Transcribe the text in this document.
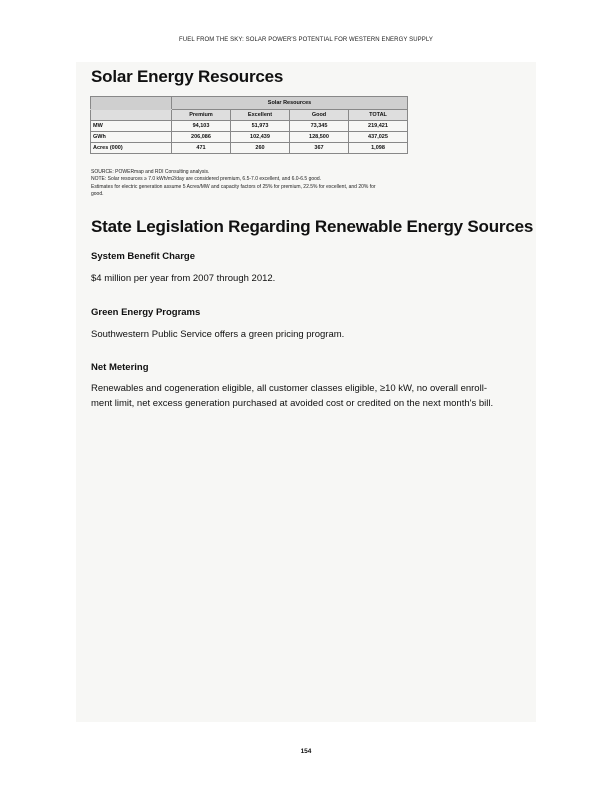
FUEL FROM THE SKY: SOLAR POWER'S POTENTIAL FOR WESTERN ENERGY SUPPLY
Solar Energy Resources
	Solar Resources			
	Premium	Excellent	Good	TOTAL
MW	94,103	51,973	73,345	219,421
GWh	206,086	102,439	128,500	437,025
Acres (000)	471	260	367	1,098
SOURCE: POWERmap and RDI Consulting analysis.
NOTE: Solar resources ≥ 7.0 kWh/m2/day are considered premium, 6.5-7.0 excellent, and 6.0-6.5 good.
Estimates for electric generation assume 5 Acres/MW and capacity factors of 25% for premium, 22.5% for excellent, and 20% for good.
State Legislation Regarding Renewable Energy Sources
System Benefit Charge
$4 million per year from 2007 through 2012.
Green Energy Programs
Southwestern Public Service offers a green pricing program.
Net Metering
Renewables and cogeneration eligible, all customer classes eligible, ≥10 kW, no overall enroll-
ment limit, net excess generation purchased at avoided cost or credited on the next month's bill.
154
